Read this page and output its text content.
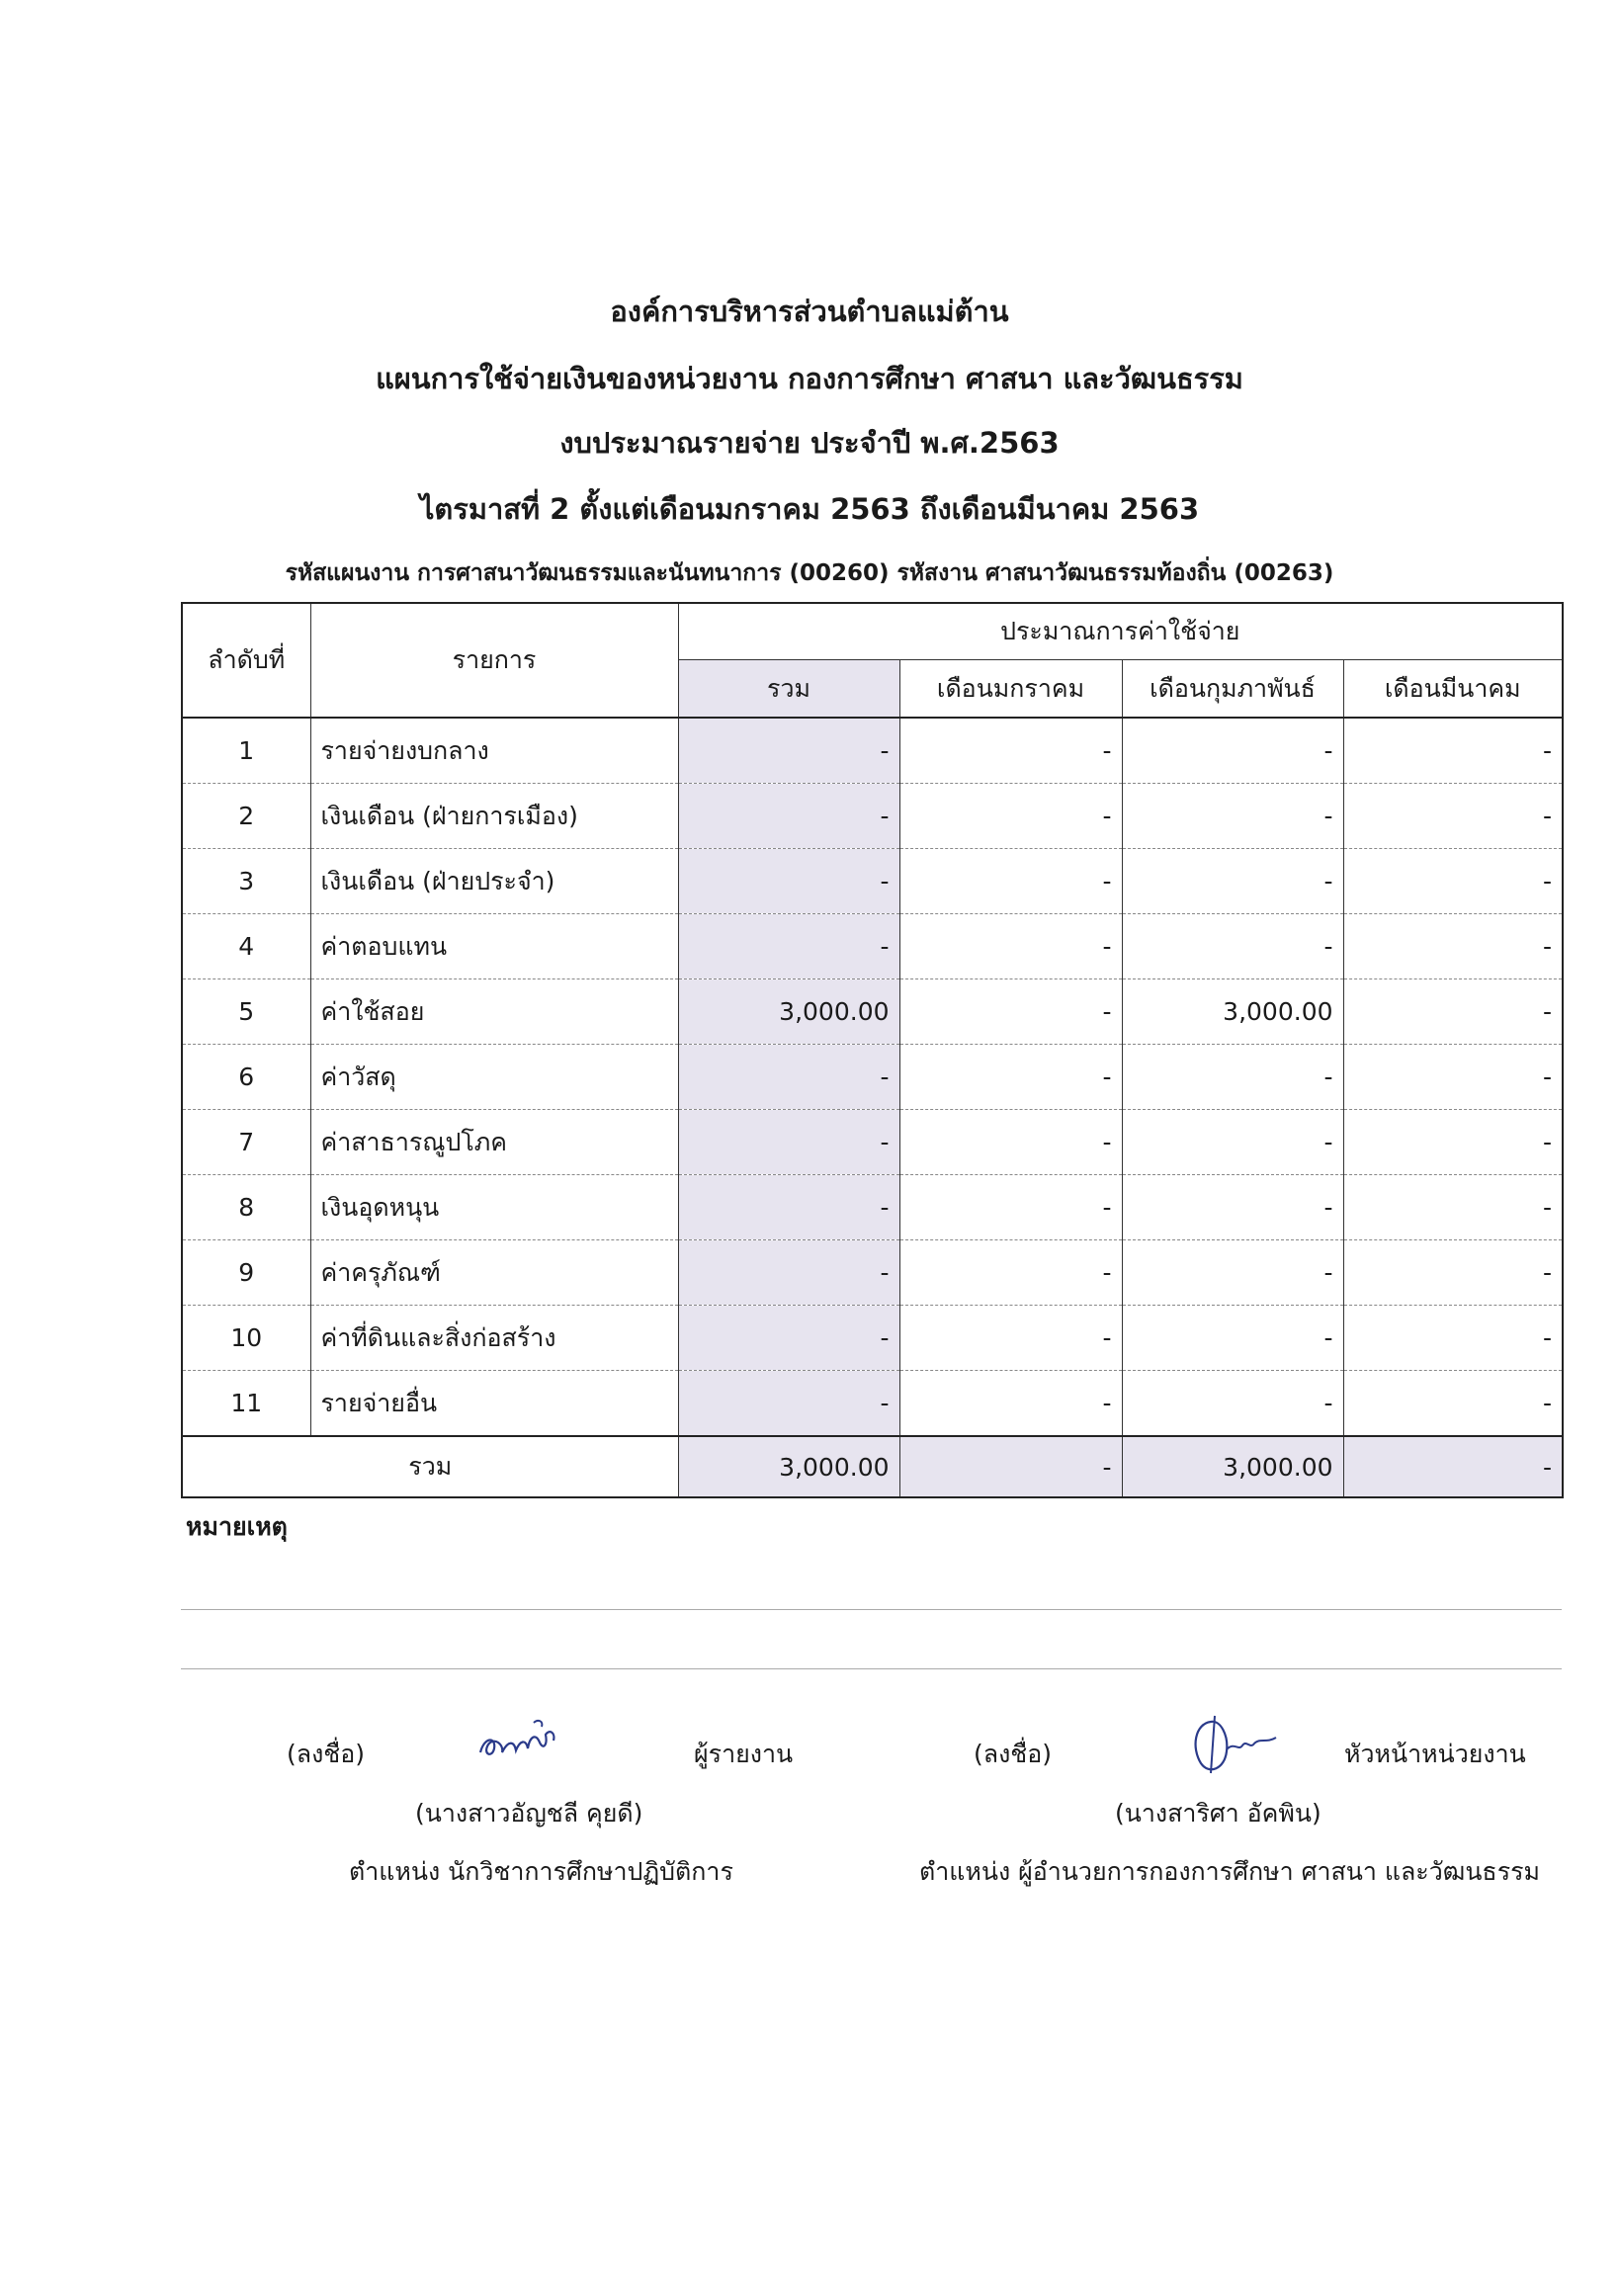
องค์การบริหารส่วนตำบลแม่ต้าน
แผนการใช้จ่ายเงินของหน่วยงาน กองการศึกษา ศาสนา และวัฒนธรรม
งบประมาณรายจ่าย ประจำปี พ.ศ.2563
ไตรมาสที่ 2 ตั้งแต่เดือนมกราคม 2563 ถึงเดือนมีนาคม 2563
รหัสแผนงาน การศาสนาวัฒนธรรมและนันทนาการ (00260) รหัสงาน ศาสนาวัฒนธรรมท้องถิ่น (00263)
ลำดับที่	รายการ	ประมาณการค่าใช้จ่าย			
		รวม	เดือนมกราคม	เดือนกุมภาพันธ์	เดือนมีนาคม
1	รายจ่ายงบกลาง	-	-	-	-
2	เงินเดือน (ฝ่ายการเมือง)	-	-	-	-
3	เงินเดือน (ฝ่ายประจำ)	-	-	-	-
4	ค่าตอบแทน	-	-	-	-
5	ค่าใช้สอย	3,000.00	-	3,000.00	-
6	ค่าวัสดุ	-	-	-	-
7	ค่าสาธารณูปโภค	-	-	-	-
8	เงินอุดหนุน	-	-	-	-
9	ค่าครุภัณฑ์	-	-	-	-
10	ค่าที่ดินและสิ่งก่อสร้าง	-	-	-	-
11	รายจ่ายอื่น	-	-	-	-
รวม		3,000.00	-	3,000.00	-
หมายเหตุ
(ลงชื่อ)	ผู้รายงาน
(นางสาวอัญชลี คุยดี)
ตำแหน่ง นักวิชาการศึกษาปฏิบัติการ
(ลงชื่อ)	หัวหน้าหน่วยงาน
(นางสาริศา อัคพิน)
ตำแหน่ง ผู้อำนวยการกองการศึกษา ศาสนา และวัฒนธรรม
